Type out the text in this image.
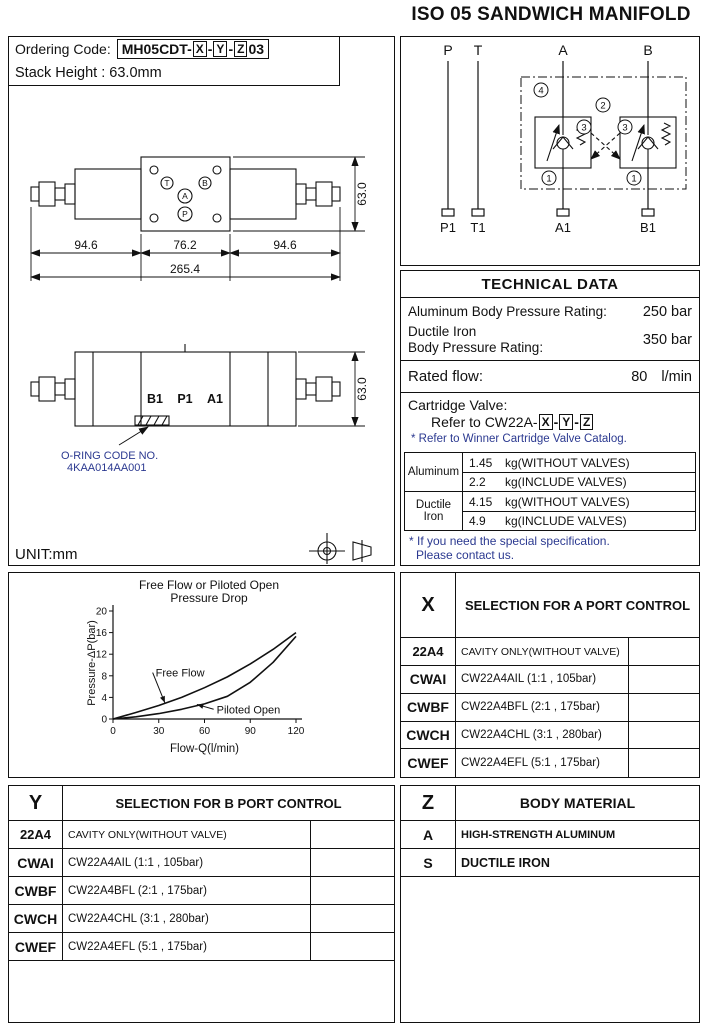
ISO 05 SANDWICH MANIFOLD
Ordering Code: MH05CDT- X - Y - Z 03
Stack Height : 63.0mm
T	B
A
P
94.6	76.2	94.6
265.4
63.0
B1 P1 A1	63.0
O-RING CODE NO.
4KAA014AA001
UNIT:mm
P T	A	B
4
3	3
2
1	1
P1 T1	A1	B1
TECHNICAL DATA
Aluminum Body Pressure Rating: 250 bar
Ductile Iron
Body Pressure Rating:	350 bar
Rated flow:	80 l/min
Cartridge Valve:
Refer to CW22A- X - Y - Z
* Refer to Winner Cartridge Valve Catalog.
Aluminum
1.45	kg(WITHOUT VALVES)
2.2	kg(INCLUDE VALVES)
Ductile Iron
4.15	kg(WITHOUT VALVES)
4.9	kg(INCLUDE VALVES)
* If you need the special specification.
Please contact us.
Free Flow or Piloted Open
Pressure Drop
Pressure-ΔP(bar)
0	30	60	90	120
0
4
8
12
16
20
Free Flow
Piloted Open
Flow-Q(l/min)
X	SELECTION FOR A PORT CONTROL
22A4	CAVITY ONLY(WITHOUT VALVE)
CWAI	CW22A4AIL (1:1 , 105bar)
CWBF	CW22A4BFL (2:1 , 175bar)
CWCH CW22A4CHL (3:1 , 280bar)
CWEF	CW22A4EFL (5:1 , 175bar)
Y	SELECTION FOR B PORT CONTROL
22A4	CAVITY ONLY(WITHOUT VALVE)
CWAI	CW22A4AIL (1:1 , 105bar)
CWBF	CW22A4BFL (2:1 , 175bar)
CWCH CW22A4CHL (3:1 , 280bar)
CWEF	CW22A4EFL (5:1 , 175bar)
Z	BODY MATERIAL
A	HIGH-STRENGTH ALUMINUM
S	DUCTILE IRON
